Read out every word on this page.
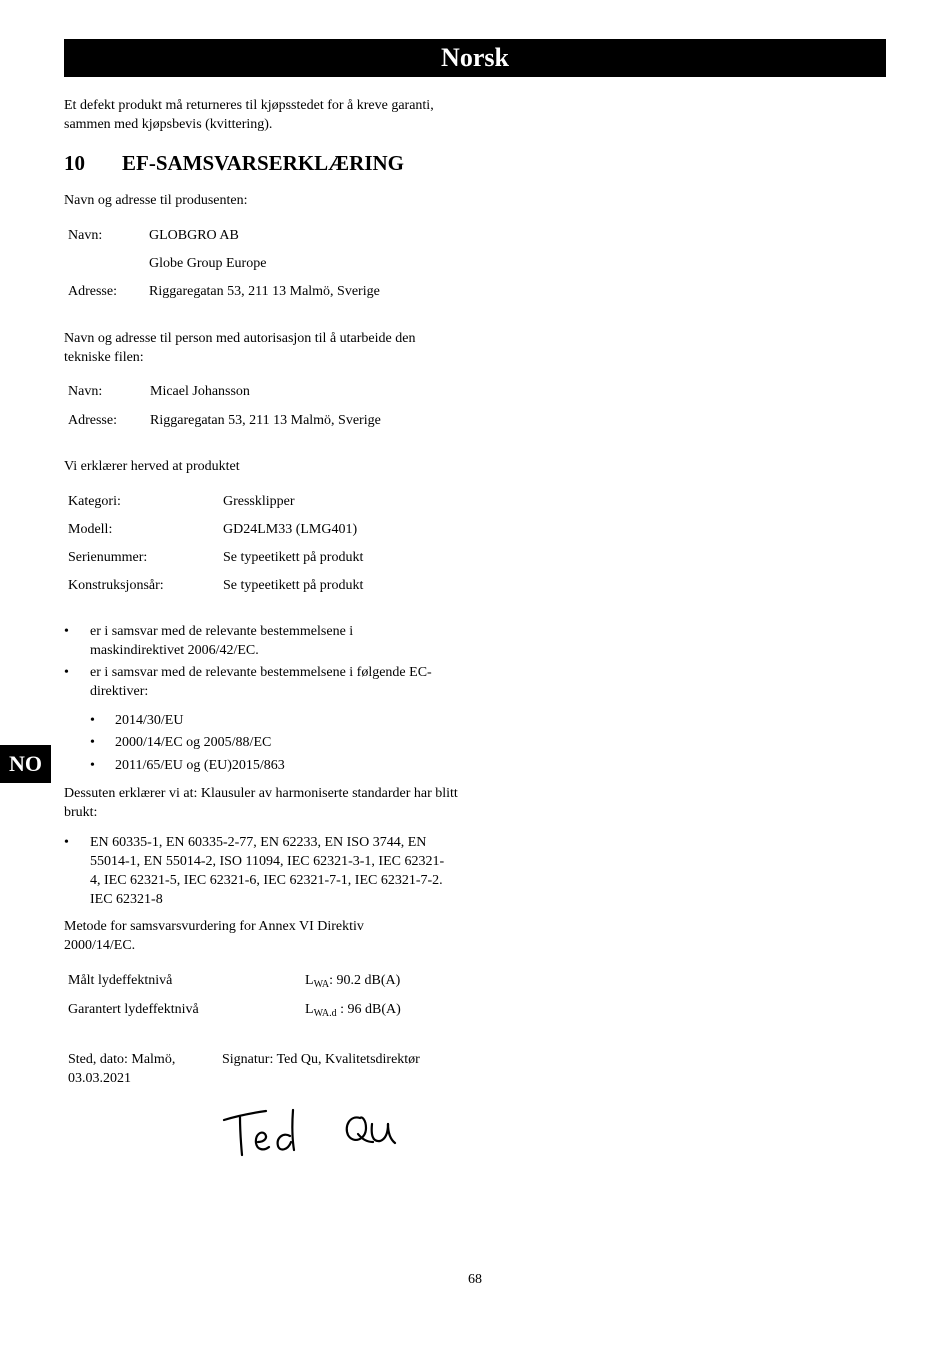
Norsk
NO
Et defekt produkt må returneres til kjøpsstedet for å kreve garanti, sammen med kjøpsbevis (kvittering).
10 EF-SAMSVARSERKLÆRING
Navn og adresse til produsenten:
Navn:	GLOBGRO AB
Globe Group Europe
Adresse: Riggaregatan 53, 211 13 Malmö, Sverige
Navn og adresse til person med autorisasjon til å utarbeide den tekniske filen:
Navn:	Micael Johansson
Adresse: Riggaregatan 53, 211 13 Malmö, Sverige
Vi erklærer herved at produktet
Kategori:	Gressklipper
Modell:	GD24LM33 (LMG401)
Serienummer:	Se typeetikett på produkt
Konstruksjonsår:	Se typeetikett på produkt
• er i samsvar med de relevante bestemmelsene i maskindirektivet 2006/42/EC.
• er i samsvar med de relevante bestemmelsene i følgende EC-direktiver:
• 2014/30/EU
• 2000/14/EC og 2005/88/EC
• 2011/65/EU og (EU)2015/863
Dessuten erklærer vi at: Klausuler av harmoniserte standarder har blitt brukt:
• EN 60335-1, EN 60335-2-77, EN 62233, EN ISO 3744, EN 55014-1, EN 55014-2, ISO 11094, IEC 62321-3-1, IEC 62321-4, IEC 62321-5, IEC 62321-6, IEC 62321-7-1, IEC 62321-7-2. IEC 62321-8
Metode for samsvarsvurdering for Annex VI Direktiv 2000/14/EC.
Målt lydeffektnivå	$L_{WA}$: 90.2 dB(A)
Garantert lydeffektnivå	$L_{WA.d}$ : 96 dB(A)
Sted, dato: Malmö, 03.03.2021
Signatur: Ted Qu, Kvalitetsdirektør
68
